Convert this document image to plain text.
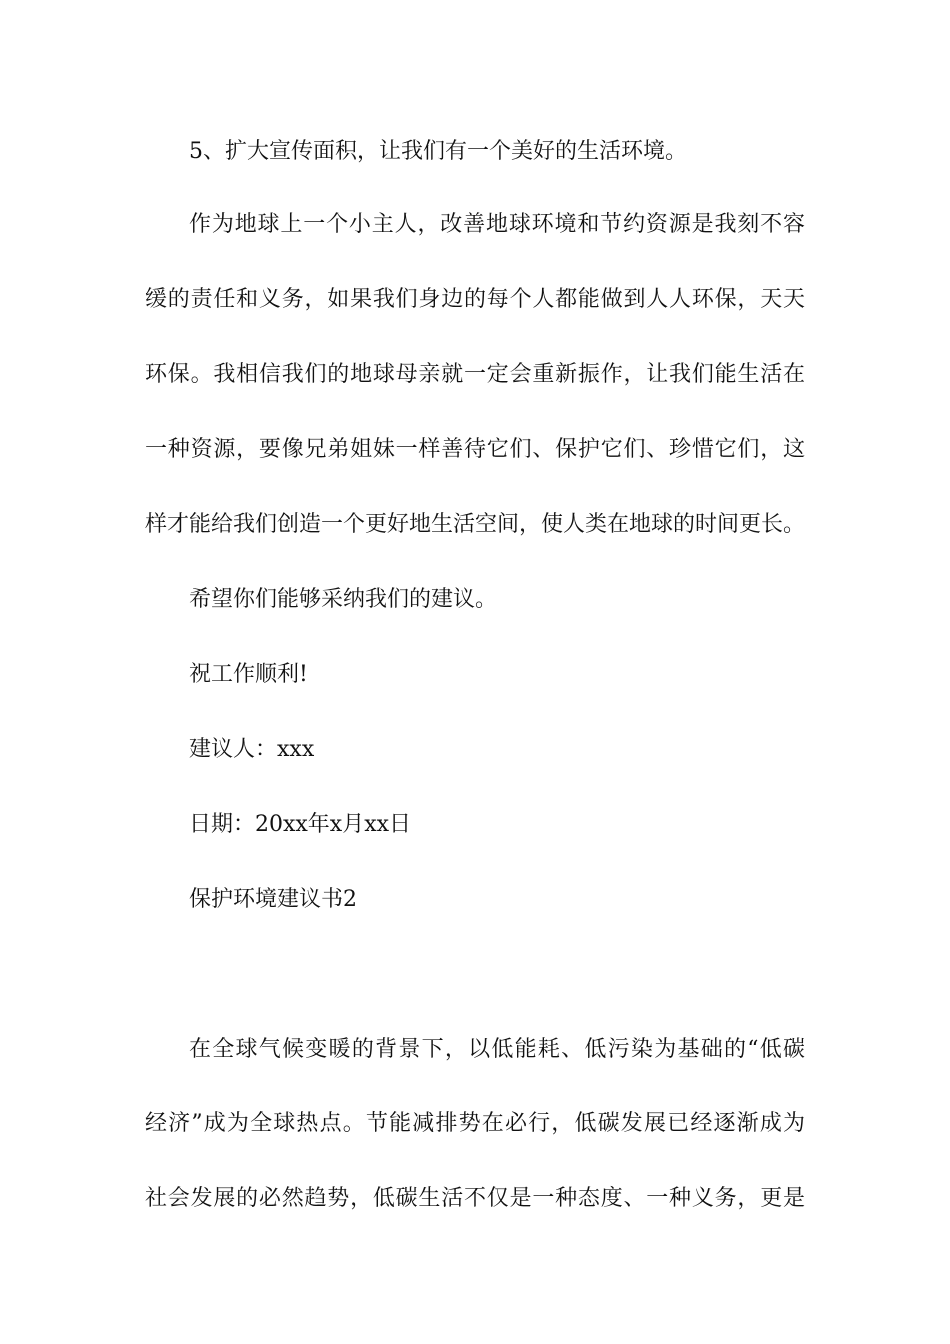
5、扩大宣传面积，让我们有一个美好的生活环境。
作为地球上一个小主人，改善地球环境和节约资源是我刻不容
缓的责任和义务，如果我们身边的每个人都能做到人人环保，天天
环保。我相信我们的地球母亲就一定会重新振作，让我们能生活在
一种资源，要像兄弟姐妹一样善待它们、保护它们、珍惜它们，这
样才能给我们创造一个更好地生活空间，使人类在地球的时间更长。
希望你们能够采纳我们的建议。
祝工作顺利!
建议人：xxx
日期：20xx年x月xx日
保护环境建议书2
在全球气候变暖的背景下，以低能耗、低污染为基础的“低碳
经济”成为全球热点。节能减排势在必行，低碳发展已经逐渐成为
社会发展的必然趋势，低碳生活不仅是一种态度、一种义务，更是
